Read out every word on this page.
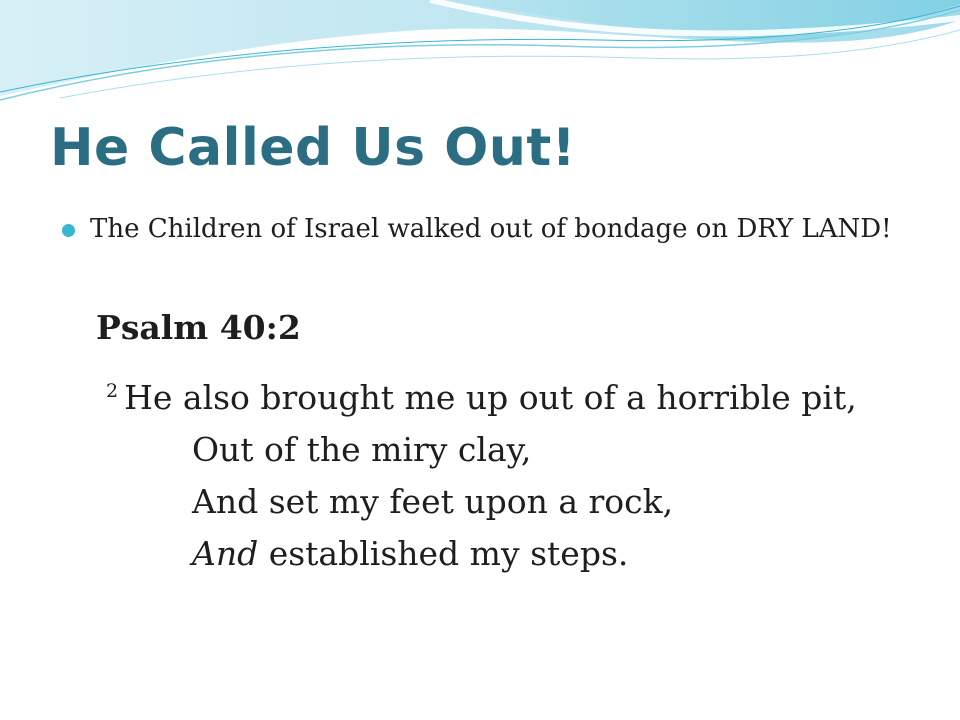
He Called Us Out!
The Children of Israel walked out of bondage on DRY LAND!
Psalm 40:2
$^2$ He also brought me up out of a horrible pit,
Out of the miry clay,
And set my feet upon a rock,
And established my steps.
